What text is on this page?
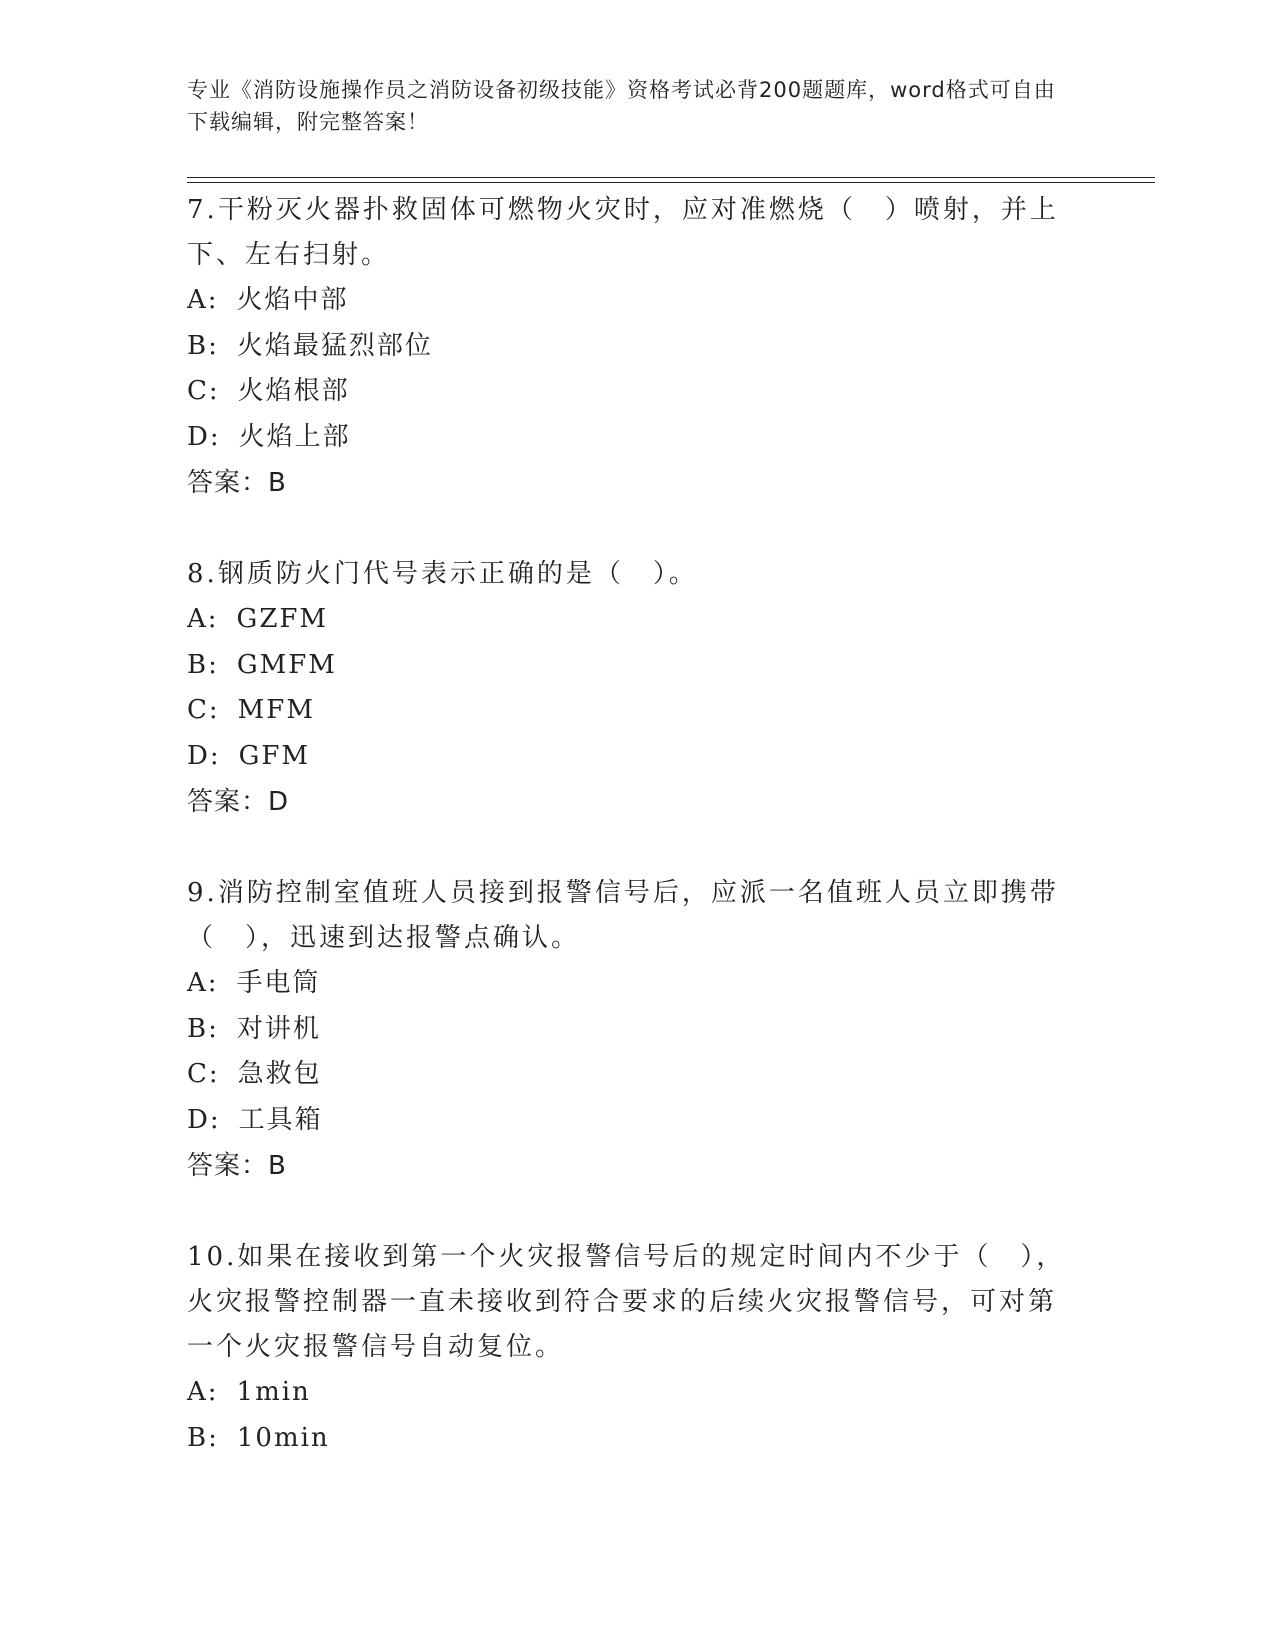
专业《消防设施操作员之消防设备初级技能》资格考试必背200题题库，word格式可自由下载编辑，附完整答案！
7.干粉灭火器扑救固体可燃物火灾时，应对准燃烧（　）喷射，并上下、左右扫射。
A: 火焰中部
B: 火焰最猛烈部位
C: 火焰根部
D: 火焰上部
答案：B
8.钢质防火门代号表示正确的是（　）。
A: GZFM
B: GMFM
C: MFM
D: GFM
答案：D
9.消防控制室值班人员接到报警信号后，应派一名值班人员立即携带（　），迅速到达报警点确认。
A: 手电筒
B: 对讲机
C: 急救包
D: 工具箱
答案：B
10.如果在接收到第一个火灾报警信号后的规定时间内不少于（　），火灾报警控制器一直未接收到符合要求的后续火灾报警信号，可对第一个火灾报警信号自动复位。
A: 1min
B: 10min
